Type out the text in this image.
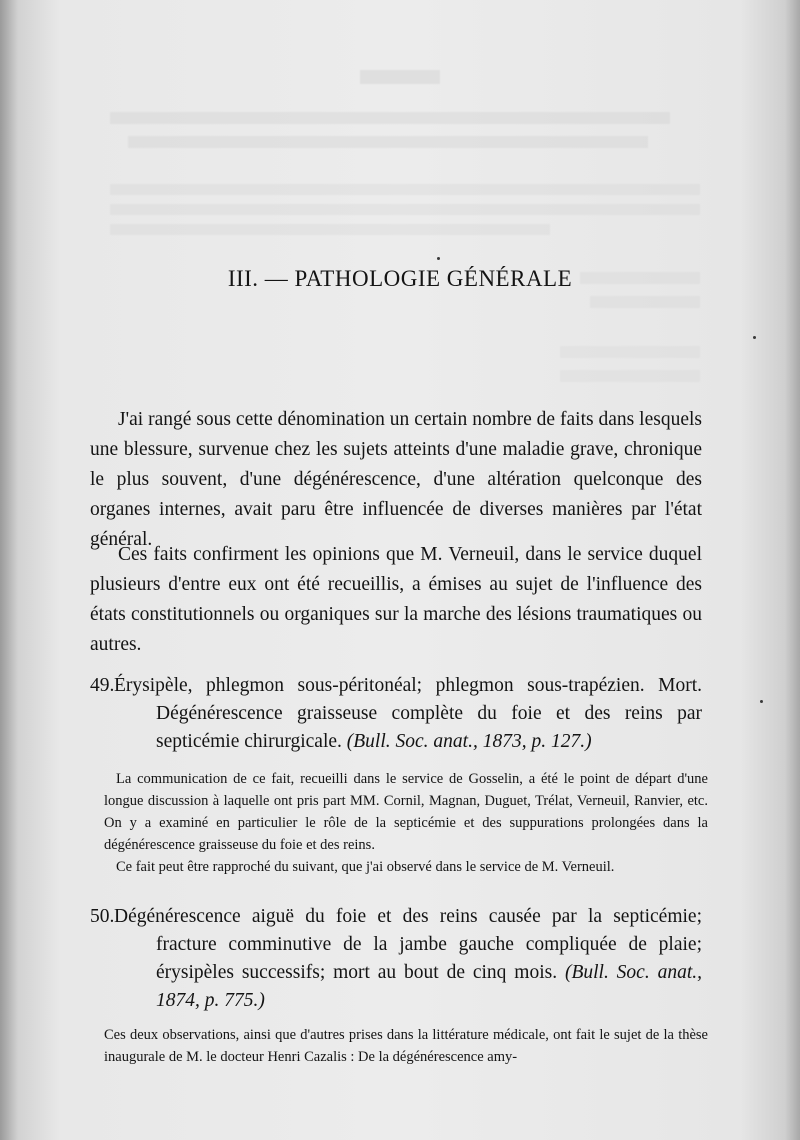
III. — PATHOLOGIE GÉNÉRALE

J'ai rangé sous cette dénomination un certain nombre de faits dans lesquels une blessure, survenue chez les sujets atteints d'une maladie grave, chronique le plus souvent, d'une dégénérescence, d'une altération quelconque des organes internes, avait paru être influencée de diverses manières par l'état général.

Ces faits confirment les opinions que M. Verneuil, dans le service duquel plusieurs d'entre eux ont été recueillis, a émises au sujet de l'influence des états constitutionnels ou organiques sur la marche des lésions traumatiques ou autres.

49. Érysipèle, phlegmon sous-péritonéal; phlegmon sous-trapézien. Mort. Dégénérescence graisseuse complète du foie et des reins par septicémie chirurgicale. (Bull. Soc. anat., 1873, p. 127.)

La communication de ce fait, recueilli dans le service de Gosselin, a été le point de départ d'une longue discussion à laquelle ont pris part MM. Cornil, Magnan, Duguet, Trélat, Verneuil, Ranvier, etc. On y a examiné en particulier le rôle de la septicémie et des suppurations prolongées dans la dégénérescence graisseuse du foie et des reins.

Ce fait peut être rapproché du suivant, que j'ai observé dans le service de M. Verneuil.

50. Dégénérescence aiguë du foie et des reins causée par la septicémie; fracture comminutive de la jambe gauche compliquée de plaie; érysipèles successifs; mort au bout de cinq mois. (Bull. Soc. anat., 1874, p. 775.)

Ces deux observations, ainsi que d'autres prises dans la littérature médicale, ont fait le sujet de la thèse inaugurale de M. le docteur Henri Cazalis : De la dégénérescence amy-
